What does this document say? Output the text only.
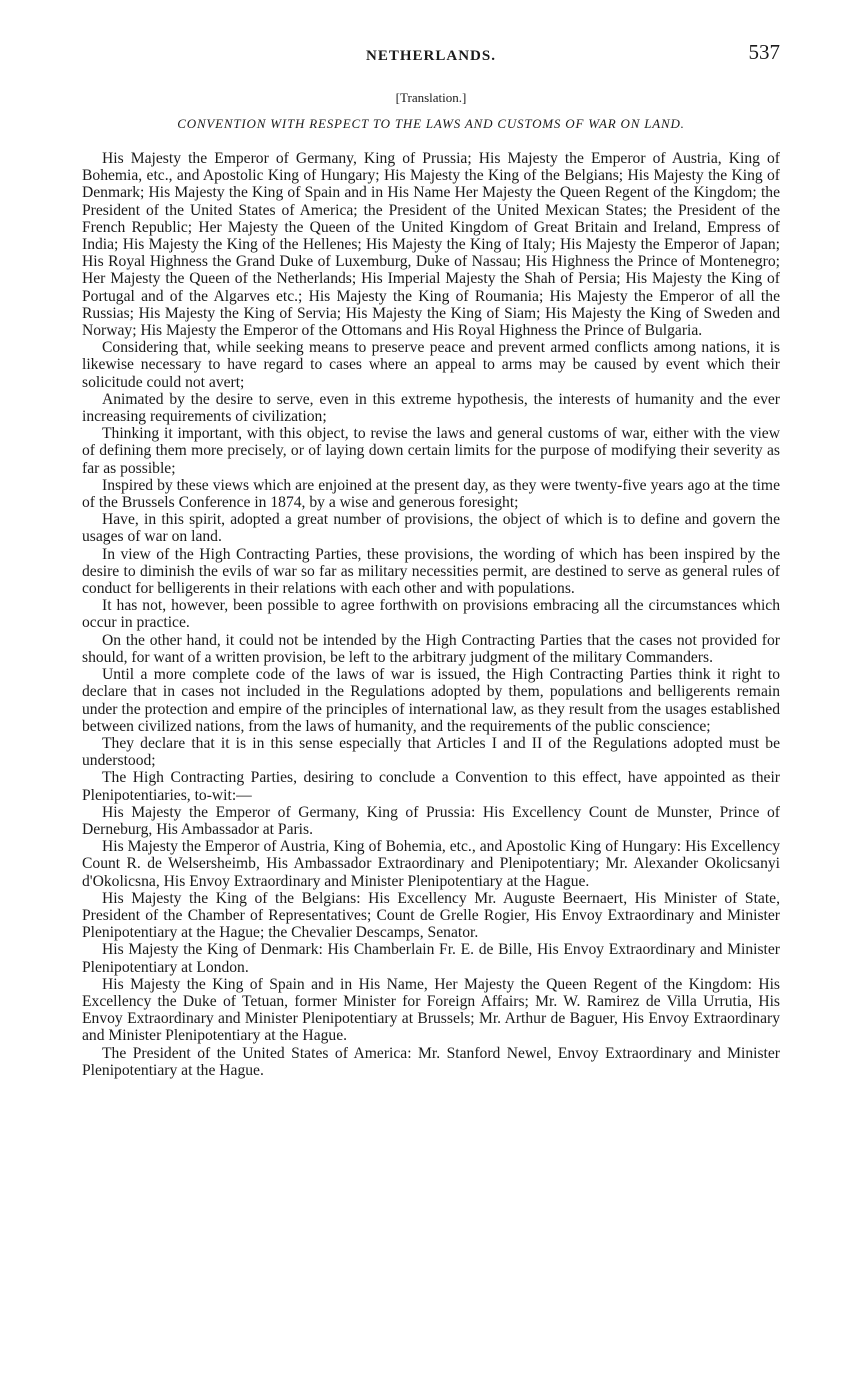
NETHERLANDS.	537
[Translation.]
CONVENTION WITH RESPECT TO THE LAWS AND CUSTOMS OF WAR ON LAND.

His Majesty the Emperor of Germany, King of Prussia; His Majesty the Emperor of Austria, King of Bohemia, etc., and Apostolic King of Hungary; His Majesty the King of the Belgians; His Majesty the King of Denmark; His Majesty the King of Spain and in His Name Her Majesty the Queen Regent of the Kingdom; the President of the United States of America; the President of the United Mexican States; the President of the French Republic; Her Majesty the Queen of the United Kingdom of Great Britain and Ireland, Empress of India; His Majesty the King of the Hellenes; His Majesty the King of Italy; His Majesty the Emperor of Japan; His Royal Highness the Grand Duke of Luxemburg, Duke of Nassau; His Highness the Prince of Montenegro; Her Majesty the Queen of the Netherlands; His Imperial Majesty the Shah of Persia; His Majesty the King of Portugal and of the Algarves etc.; His Majesty the King of Roumania; His Majesty the Emperor of all the Russias; His Majesty the King of Servia; His Majesty the King of Siam; His Majesty the King of Sweden and Norway; His Majesty the Emperor of the Ottomans and His Royal Highness the Prince of Bulgaria.

Considering that, while seeking means to preserve peace and prevent armed conflicts among nations, it is likewise necessary to have regard to cases where an appeal to arms may be caused by event which their solicitude could not avert;

Animated by the desire to serve, even in this extreme hypothesis, the interests of humanity and the ever increasing requirements of civilization;

Thinking it important, with this object, to revise the laws and general customs of war, either with the view of defining them more precisely, or of laying down certain limits for the purpose of modifying their severity as far as possible;

Inspired by these views which are enjoined at the present day, as they were twenty-five years ago at the time of the Brussels Conference in 1874, by a wise and generous foresight;

Have, in this spirit, adopted a great number of provisions, the object of which is to define and govern the usages of war on land.

In view of the High Contracting Parties, these provisions, the wording of which has been inspired by the desire to diminish the evils of war so far as military necessities permit, are destined to serve as general rules of conduct for belligerents in their relations with each other and with populations.

It has not, however, been possible to agree forthwith on provisions embracing all the circumstances which occur in practice.

On the other hand, it could not be intended by the High Contracting Parties that the cases not provided for should, for want of a written provision, be left to the arbitrary judgment of the military Commanders.

Until a more complete code of the laws of war is issued, the High Contracting Parties think it right to declare that in cases not included in the Regulations adopted by them, populations and belligerents remain under the protection and empire of the principles of international law, as they result from the usages established between civilized nations, from the laws of humanity, and the requirements of the public conscience;

They declare that it is in this sense especially that Articles I and II of the Regulations adopted must be understood;

The High Contracting Parties, desiring to conclude a Convention to this effect, have appointed as their Plenipotentiaries, to-wit:—

His Majesty the Emperor of Germany, King of Prussia: His Excellency Count de Munster, Prince of Derneburg, His Ambassador at Paris.

His Majesty the Emperor of Austria, King of Bohemia, etc., and Apostolic King of Hungary: His Excellency Count R. de Welsersheimb, His Ambassador Extraordinary and Plenipotentiary; Mr. Alexander Okolicsanyi d'Okolicsna, His Envoy Extraordinary and Minister Plenipotentiary at the Hague.

His Majesty the King of the Belgians: His Excellency Mr. Auguste Beernaert, His Minister of State, President of the Chamber of Representatives; Count de Grelle Rogier, His Envoy Extraordinary and Minister Plenipotentiary at the Hague; the Chevalier Descamps, Senator.

His Majesty the King of Denmark: His Chamberlain Fr. E. de Bille, His Envoy Extraordinary and Minister Plenipotentiary at London.

His Majesty the King of Spain and in His Name, Her Majesty the Queen Regent of the Kingdom: His Excellency the Duke of Tetuan, former Minister for Foreign Affairs; Mr. W. Ramirez de Villa Urrutia, His Envoy Extraordinary and Minister Plenipotentiary at Brussels; Mr. Arthur de Baguer, His Envoy Extraordinary and Minister Plenipotentiary at the Hague.

The President of the United States of America: Mr. Stanford Newel, Envoy Extraordinary and Minister Plenipotentiary at the Hague.
